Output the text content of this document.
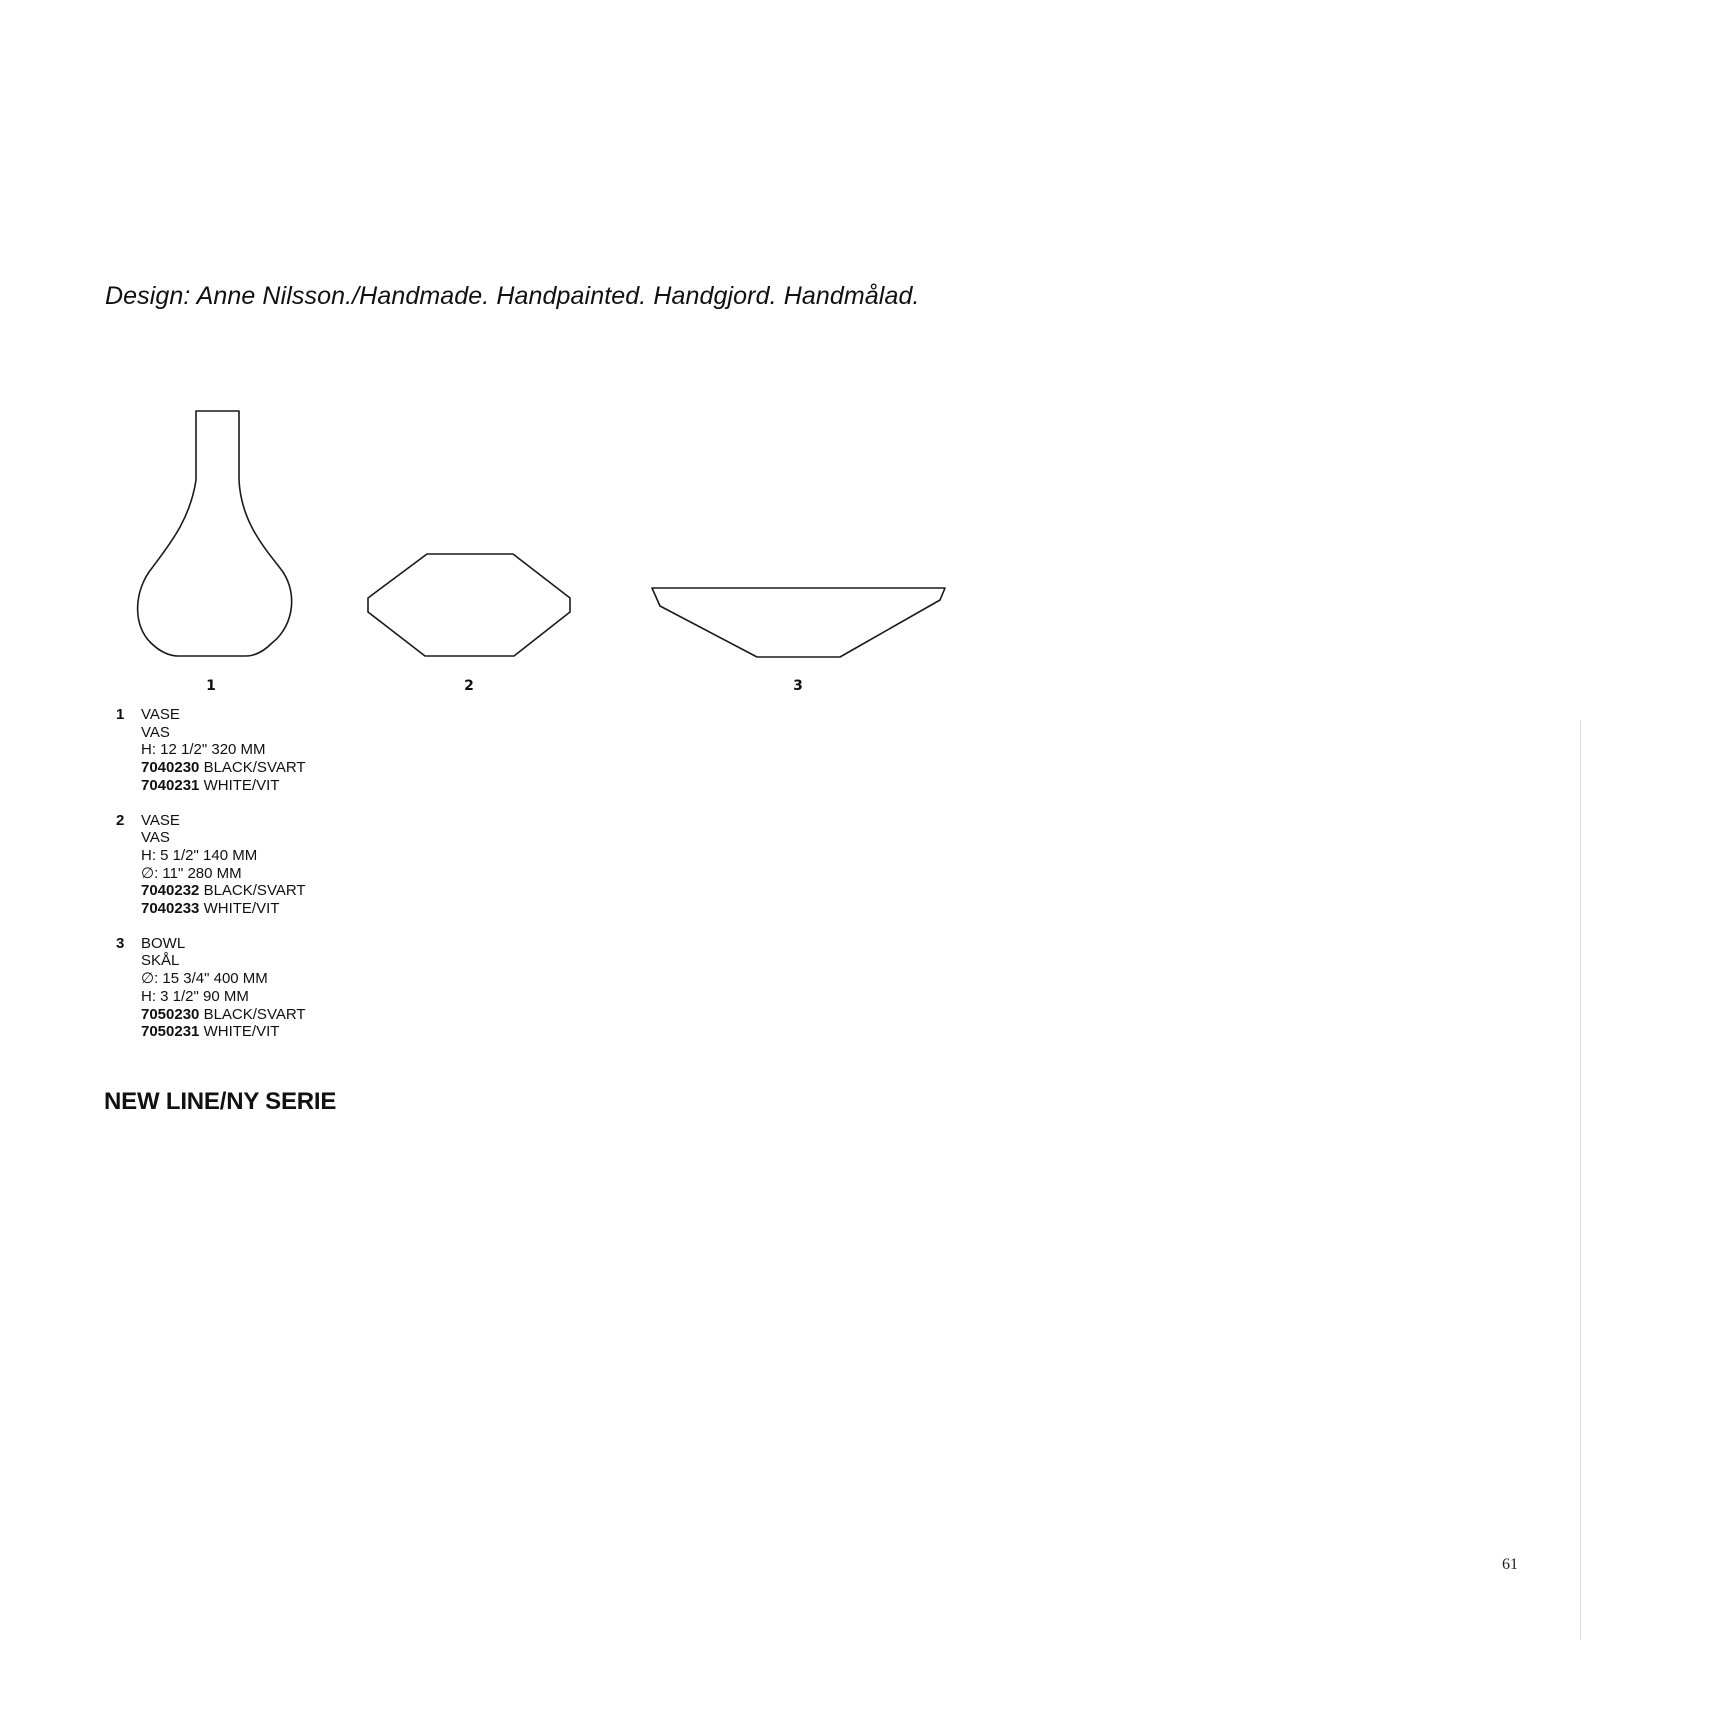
Design: Anne Nilsson./Handmade. Handpainted. Handgjord. Handmålad.
1	2	3
1	VASE
VAS
H: 12 1/2" 320 MM
7040230 BLACK/SVART
7040231 WHITE/VIT
2	VASE
VAS
H: 5 1/2" 140 MM
∅: 11" 280 MM
7040232 BLACK/SVART
7040233 WHITE/VIT
3	BOWL
SKÅL
∅: 15 3/4" 400 MM
H: 3 1/2" 90 MM
7050230 BLACK/SVART
7050231 WHITE/VIT
NEW LINE/NY SERIE
61
